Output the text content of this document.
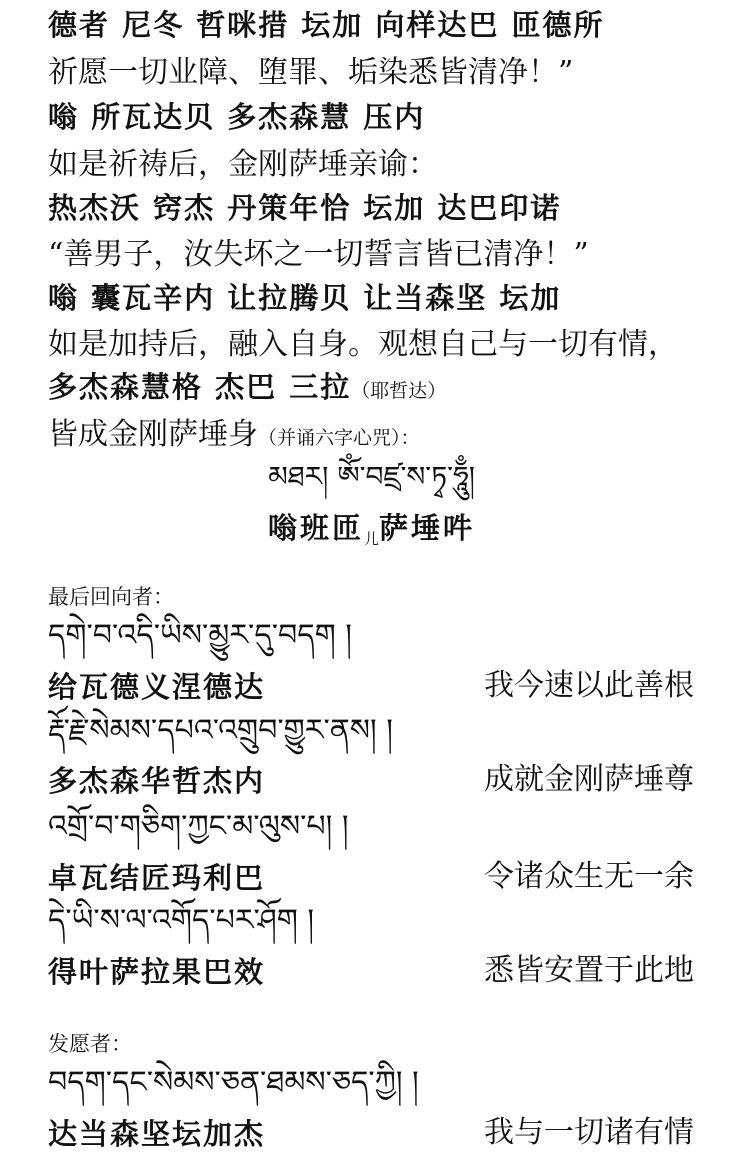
德者 尼冬 哲咪措 坛加 向样达巴 匝德所
祈愿一切业障、堕罪、垢染悉皆清净！”
嗡 所瓦达贝 多杰森慧 压内
如是祈祷后，金刚萨埵亲谕：
热杰沃 窍杰 丹策年恰 坛加 达巴印诺
“善男子，汝失坏之一切誓言皆已清净！”
嗡 囊瓦辛内 让拉腾贝 让当森坚 坛加
如是加持后，融入自身。观想自己与一切有情，
多杰森慧格 杰巴 三拉（耶哲达）
皆成金刚萨埵身（并诵六字心咒）：
མཐར། ཨོཾ་བཛྲ་ས་ཏྭ་ཧཱུྃ།
嗡班匝$_儿$萨埵吽
最后回向者：
དགེ་བ་འདི་ཡིས་མྱུར་དུ་བདག །
给瓦德义涅德达	我今速以此善根
རྡོ་རྗེ་སེམས་དཔའ་འགྲུབ་གྱུར་ནས། །
多杰森华哲杰内	成就金刚萨埵尊
འགྲོ་བ་གཅིག་ཀྱང་མ་ལུས་པ། །
卓瓦结匠玛利巴	令诸众生无一余
དེ་ཡི་ས་ལ་འགོད་པར་ཤོག །
得叶萨拉果巴效	悉皆安置于此地
发愿者：
བདག་དང་སེམས་ཅན་ཐམས་ཅད་ཀྱི། །
达当森坚坛加杰	我与一切诸有情
